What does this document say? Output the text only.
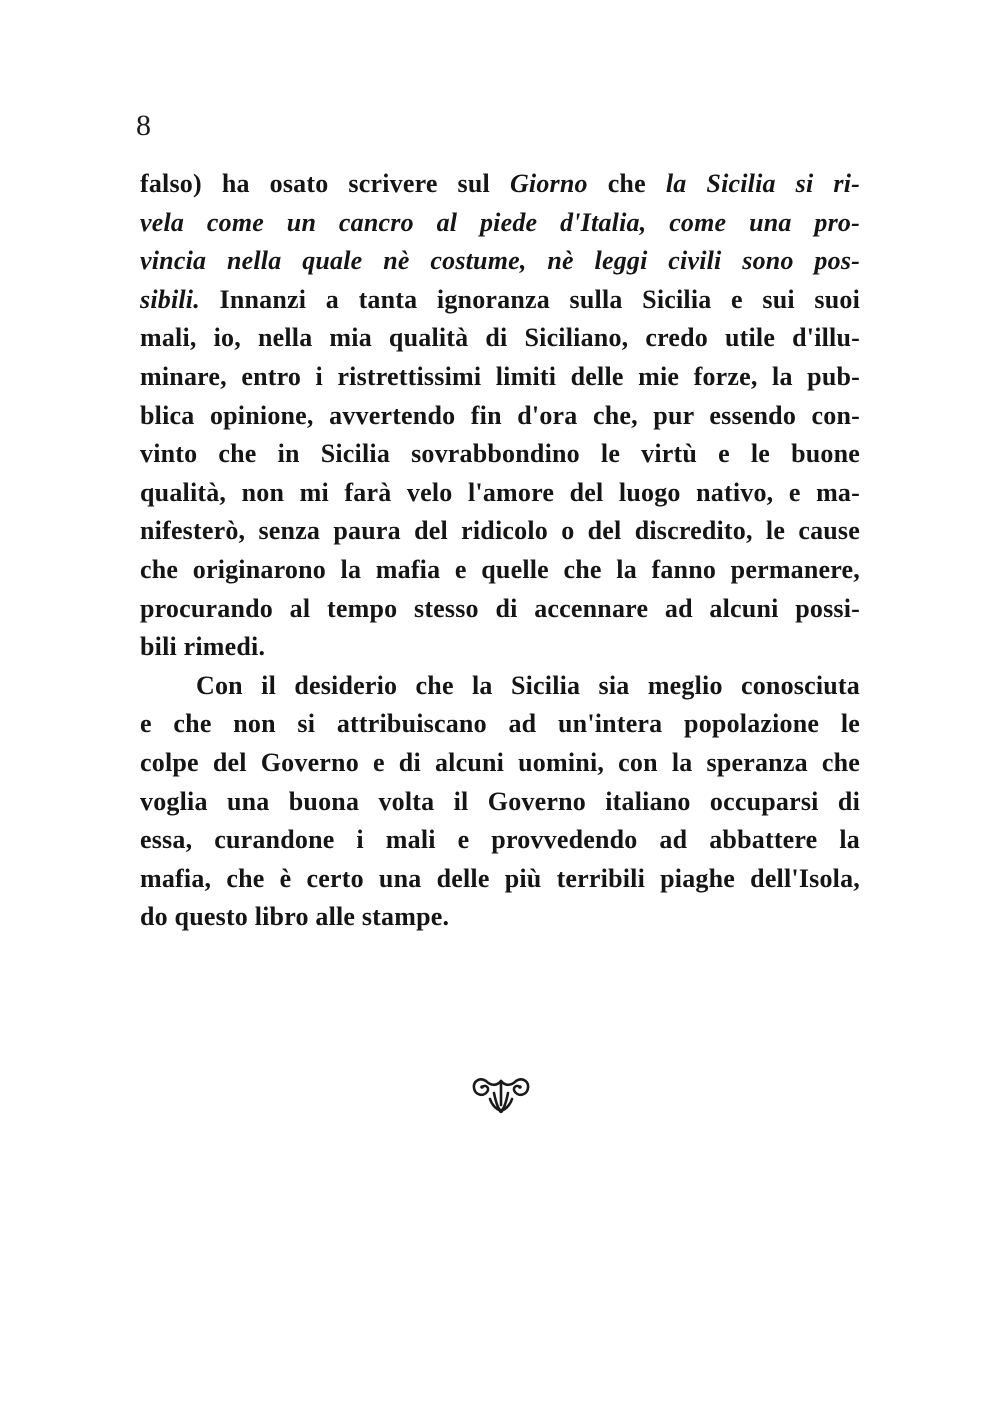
8
falso) ha osato scrivere sul Giorno che la Sicilia si ri-
vela come un cancro al piede d'Italia, come una pro-
vincia nella quale nè costume, nè leggi civili sono pos-
sibili. Innanzi a tanta ignoranza sulla Sicilia e sui suoi
mali, io, nella mia qualità di Siciliano, credo utile d'illu-
minare, entro i ristrettissimi limiti delle mie forze, la pub-
blica opinione, avvertendo fin d'ora che, pur essendo con-
vinto che in Sicilia sovrabbondino le virtù e le buone
qualità, non mi farà velo l'amore del luogo nativo, e ma-
nifesterò, senza paura del ridicolo o del discredito, le cause
che originarono la mafia e quelle che la fanno permanere,
procurando al tempo stesso di accennare ad alcuni possi-
bili rimedi.
Con il desiderio che la Sicilia sia meglio conosciuta
e che non si attribuiscano ad un'intera popolazione le
colpe del Governo e di alcuni uomini, con la speranza che
voglia una buona volta il Governo italiano occuparsi di
essa, curandone i mali e provvedendo ad abbattere la
mafia, che è certo una delle più terribili piaghe dell'Isola,
do questo libro alle stampe.
